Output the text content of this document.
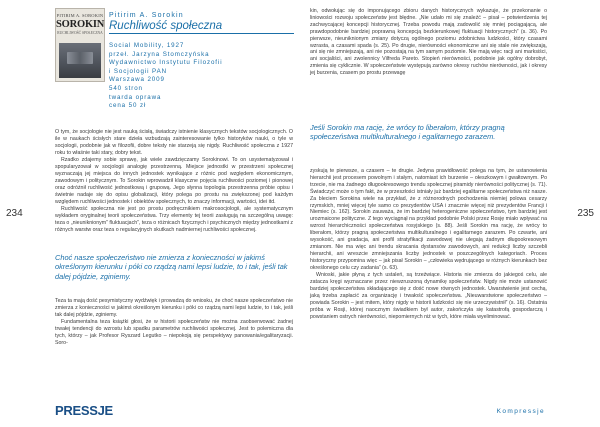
234
PITIRIM A. SOROKIN
SOROKIN
RUCHLIWOŚĆ SPOŁECZNA
Pitirim A. Sorokin
Ruchliwość społeczna
Social Mobility, 1927
przeł. Jarzyna Stomczyńska
Wydawnictwo Instytutu Filozofii
i Socjologii PAN
Warszawa 2009
540 stron
twarda oprawa
cena 50 zł

O tym, że socjologie nie jest nauką ścisłą, świadczy istnienie klasycznych tekstów socjologicznych. O ile w naukach ścisłych stare dzieła wzbudzają zainteresowanie tylko historyków nauki, o tyle w socjologii, podobnie jak w filozofii, dobre teksty nie starzeją się nigdy. Ruchliwość społeczna z 1927 roku to właśnie taki stary, dobry tekst.

Rzadko zdajemy sobie sprawę, jak wiele zawdzięczamy Sorokinowi. To on usystematyzował i spopularyzował w socjologii analogię przestrzenną. Miejsce jednostki w przestrzeni społecznej wyznaczają jej miejsca do innych jednostek wynikające z różnic pod względem ekonomicznym, zawodowym i politycznym. To Sorokin wprowadził klasyczne pojęcia ruchliwości poziomej i pionowej oraz odróżnił ruchliwość jednostkową i grupową. Jego słynna topologia przestrzenna próbie opisu i świetnie nadaje się do opisu globalizacji, który polega po prostu na zwiększonej pod każdym względem ruchliwości jednostek i obiektów społecznych, to znaczy informacji, wartości, idei itd.

Ruchliwość społeczna nie jest po prostu podręcznikiem makrosocjologii, ale systematycznym wykładem oryginalnej teorii społeczeństwa. Trzy elementy tej teorii zasługują na szczególną uwagę: teza o „nieuniknionym” fluktuacjach”, teza o różnicach fizycznych i psychicznych między jednostkami z różnych warstw oraz teza o regulacyjnych skutkach nadmiernej ruchliwości społecznej.

Choć nasze społeczeństwo nie zmierza z konieczności w jakimś określonym kierunku i póki co rządzą nami lepsi ludzie, to i tak, jeśli tak dalej pójdzie, zginiemy.

Teza ta mają dość pesymistyczny wydźwięk i prowadzą do wniosku, że choć nasze społeczeństwo nie zmierza z konieczności w jakimś określonym kierunku i póki co rządzą nami lepsi ludzie, to i tak, jeśli tak dalej pójdzie, zginiemy.

Fundamentalna teza książki głosi, że w historii społeczeństw nie można zaobserwować żadnej trwałej tendencji do wzrostu lub spadku parametrów ruchliwości społecznej. Jest to polemiczna dla tych, którzy – jak Profesor Ryszard Legutko – niepokoją się perspektywy panowania/egalitaryzacji. Soro-

PRESSJE
235

kin, odwołując się do imponującego zbioru danych historycznych wykazuje, że przekonanie o liniowości rozwoju społeczeństw jest błędne. „Nie udało mi się znaleźć – pisał – potwierdzenia tej zachwycającej koncepcji historycznej. Trzeba powodu mają zadowolić się mniej pociągającą, ale prawdopodobnie bardziej poprawną koncepcją bezkierunkowej fluktuacji historycznych” (s. 36). Po pierwsze, nieuniknionym zmiany dotyczą ogólnego poziomu zdobnictwa ludzkości, który czasami wzrasta, a czasami spada (s. 25). Po drugie, nierówności ekonomiczne ani się stale nie zwiększają, ani się nie zmniejszają, ani nie pozostają na tym samym poziomie. Nie mają więc racji ani marksiści, ani socjaliści, ani zwolennicy Vilfreda Pareto. Stopień nierówności, podobnie jak ogólny dobrobyt, zmienia się cyklicznie. W społeczeństwie występują zarówno okresy ruchów nierówności, jak i okresy jej burzenia, czasem po prostu przewagę

Jeśli Sorokin ma rację, że wrócy to liberałom, którzy pragną społeczeństwa multikulturalnego i egalitarnego zarazem.

zyskują te pierwsze, a czasem – te drugie. Jedyna prawidłowość polega na tym, że ustanowienia hierarchii jest procesem powolnym i stałym, natomiast ich burzenie – ołeszkowym i gwałtownym. Po trzecie, nie ma żadnego długookresowego trendu społecznej piramidy nierówności politycznej (s. 71). Świadczyć może o tym fakt, że w przeszłości istniały już bardziej egalitarne społeczeństwa niż nasze. Za bleciem Sorokina wiele na przykład, że z różnorodnych pochodzenia niemiej polowa cesarzy rzymskich, mniej więcej tyle samo co prezydentów USA i znacznie więcej niż prezydentów Francji i Niemiec (s. 162). Sorokin zauważa, że im bardziej heterogeniczne społeczeństwo, tym bardziej jest urozmaicone polityczne. Z tego wyciągnął na przykład podobnie Polski przez Rosję miało wpływać na wzrost hierarchiczności społeczeństwa rosyjskiego (s. 88). Jeśli Sorokin ma rację, że wrócy to liberałom, którzy pragną społeczeństwa multikulturalnego i egalitarnego zarazem. Po czwarte, ani wysokość, ani gradacja, ani profil stratyfikacji zawodowej nie ulegają żadnym długookresowym zmianom. Nie ma więc ani trendu skracania dystansów zawodowych, ani redukcji liczby szczebli hierarchii, ani wreszcie zmniejszania liczby jednostek w poszczególnych kategoriach. Proces historyczny przypomina więc – jak pisał Sorokin – „człowieka wędrującego w różnych kierunkach bez określonego celu czy zadania” (s. 63).

Wnioski, jakie płyną z tych ustaleń, są trzeźwiące. Historia nie zmierza do jakiegoś celu, ale zatacza kręgi wyznaczane przez niewzruszoną dynamikę społeczeństw. Nigdy nie może ustanowić bardziej społeczeństwa składającego się z dość nowe równych jednostek. Uwarstwienie jest cechą, jaką trzeba zapłacić za organizację i trwałość społeczeństwa. „Nieuwarstwione społeczeństwo – powiada Sorokin – jest mitem, który nigdy w historii ludzkości się nie urzeczywistnił” (s. 16). Ostatnia próba w Rosji, której naocznym świadkiem był autor, zakończyła się katastrofą gospodarczą i powstaniem ostrych nierówności, niepomiernych niż w tych, które miała wyeliminować.

Kompressje
